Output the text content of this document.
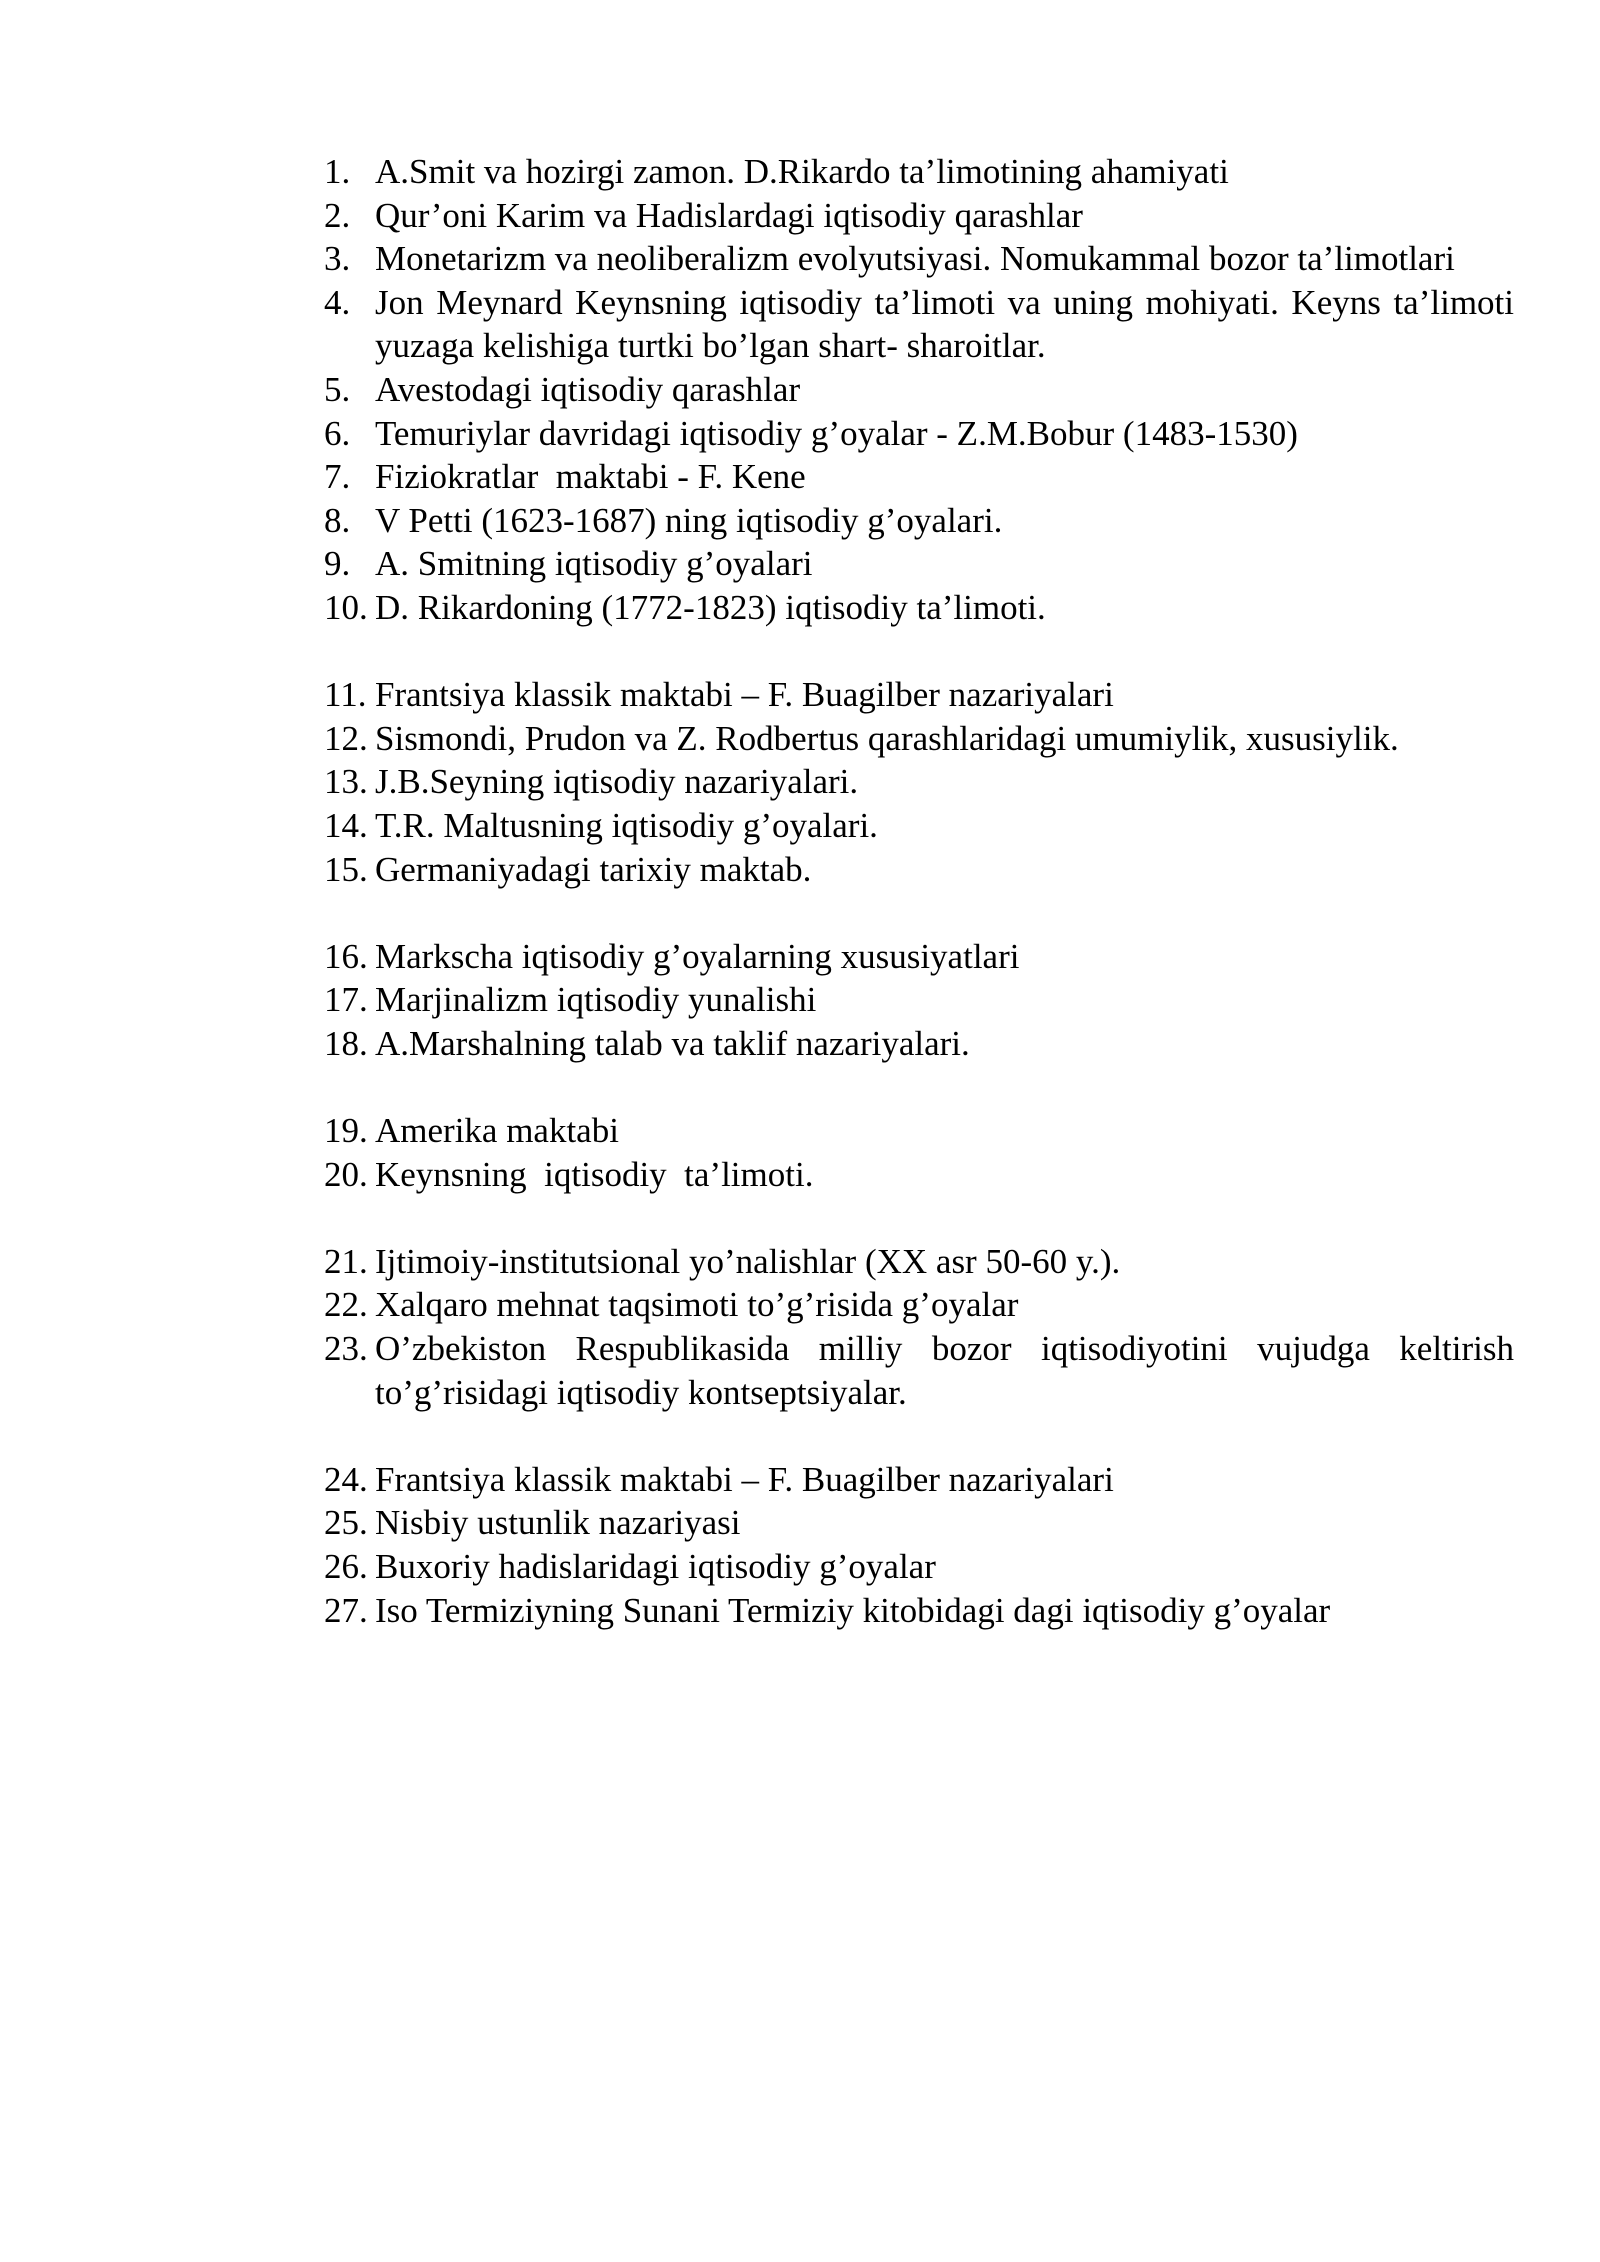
1. A.Smit va hozirgi zamon. D.Rikardo ta’limotining ahamiyati
2. Qur’oni Karim va Hadislardagi iqtisodiy qarashlar
3. Monetarizm va neoliberalizm evolyutsiyasi. Nomukammal bozor ta’limotlari
4. Jon Meynard Keynsning iqtisodiy ta’limoti va uning mohiyati. Keyns ta’limoti yuzaga kelishiga turtki bo’lgan shart- sharoitlar.
5. Avestodagi iqtisodiy qarashlar
6. Temuriylar davridagi iqtisodiy g’oyalar - Z.M.Bobur (1483-1530)
7. Fiziokratlar  maktabi - F. Kene
8. V Petti (1623-1687) ning iqtisodiy g’oyalari.
9. A. Smitning iqtisodiy g’oyalari
10. D. Rikardoning (1772-1823) iqtisodiy ta’limoti.
11. Frantsiya klassik maktabi – F. Buagilber nazariyalari
12. Sismondi, Prudon va Z. Rodbertus qarashlaridagi umumiylik, xususiylik.
13. J.B.Seyning iqtisodiy nazariyalari.
14. T.R. Maltusning iqtisodiy g’oyalari.
15. Germaniyadagi tarixiy maktab.
16. Markscha iqtisodiy g’oyalarning xususiyatlari
17. Marjinalizm iqtisodiy yunalishi
18. A.Marshalning talab va taklif nazariyalari.
19. Amerika maktabi
20. Keynsning  iqtisodiy  ta’limoti.
21. Ijtimoiy-institutsional yo’nalishlar (XX asr 50-60 y.).
22. Xalqaro mehnat taqsimoti to’g’risida g’oyalar
23. O’zbekiston Respublikasida milliy bozor iqtisodiyotini vujudga keltirish to’g’risidagi iqtisodiy kontseptsiyalar.
24. Frantsiya klassik maktabi – F. Buagilber nazariyalari
25. Nisbiy ustunlik nazariyasi
26. Buxoriy hadislaridagi iqtisodiy g’oyalar
27. Iso Termiziyning Sunani Termiziy kitobidagi dagi iqtisodiy g’oyalar
